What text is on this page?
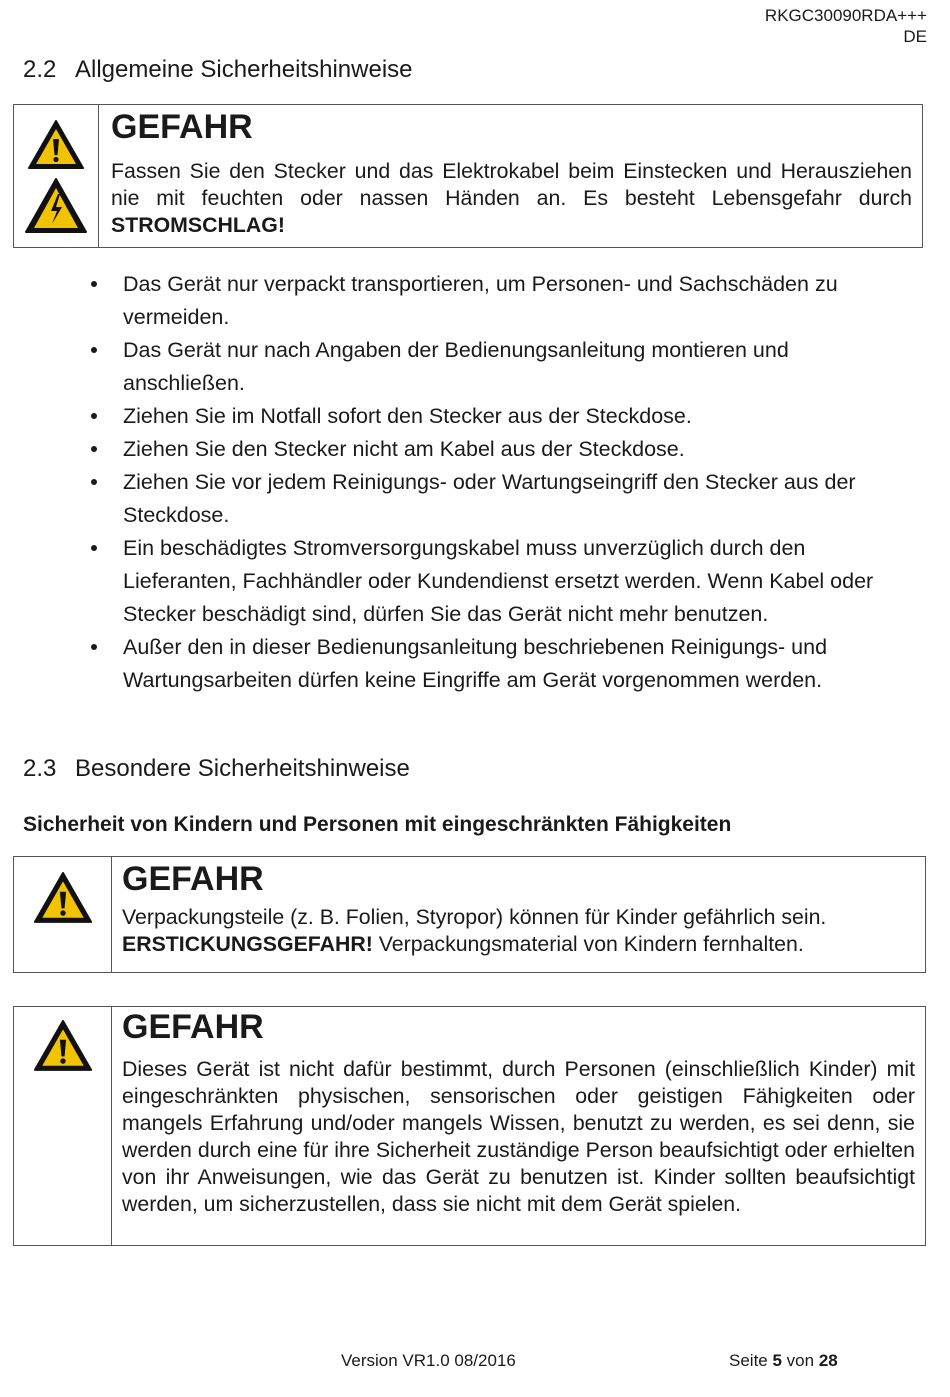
RKGC30090RDA+++
DE
2.2 Allgemeine Sicherheitshinweise
GEFAHR
Fassen Sie den Stecker und das Elektrokabel beim Einstecken und Herausziehen nie mit feuchten oder nassen Händen an. Es besteht Lebensgefahr durch STROMSCHLAG!
Das Gerät nur verpackt transportieren, um Personen- und Sachschäden zu vermeiden.
Das Gerät nur nach Angaben der Bedienungsanleitung montieren und anschließen.
Ziehen Sie im Notfall sofort den Stecker aus der Steckdose.
Ziehen Sie den Stecker nicht am Kabel aus der Steckdose.
Ziehen Sie vor jedem Reinigungs- oder Wartungseingriff den Stecker aus der Steckdose.
Ein beschädigtes Stromversorgungskabel muss unverzüglich durch den Lieferanten, Fachhändler oder Kundendienst ersetzt werden. Wenn Kabel oder Stecker beschädigt sind, dürfen Sie das Gerät nicht mehr benutzen.
Außer den in dieser Bedienungsanleitung beschriebenen Reinigungs- und Wartungsarbeiten dürfen keine Eingriffe am Gerät vorgenommen werden.
2.3 Besondere Sicherheitshinweise
Sicherheit von Kindern und Personen mit eingeschränkten Fähigkeiten
GEFAHR
Verpackungsteile (z. B. Folien, Styropor) können für Kinder gefährlich sein.
ERSTICKUNGSGEFAHR! Verpackungsmaterial von Kindern fernhalten.
GEFAHR
Dieses Gerät ist nicht dafür bestimmt, durch Personen (einschließlich Kinder) mit eingeschränkten physischen, sensorischen oder geistigen Fähigkeiten oder mangels Erfahrung und/oder mangels Wissen, benutzt zu werden, es sei denn, sie werden durch eine für ihre Sicherheit zuständige Person beaufsichtigt oder erhielten von ihr Anweisungen, wie das Gerät zu benutzen ist. Kinder sollten beaufsichtigt werden, um sicherzustellen, dass sie nicht mit dem Gerät spielen.
Version VR1.0 08/2016	Seite 5 von 28
